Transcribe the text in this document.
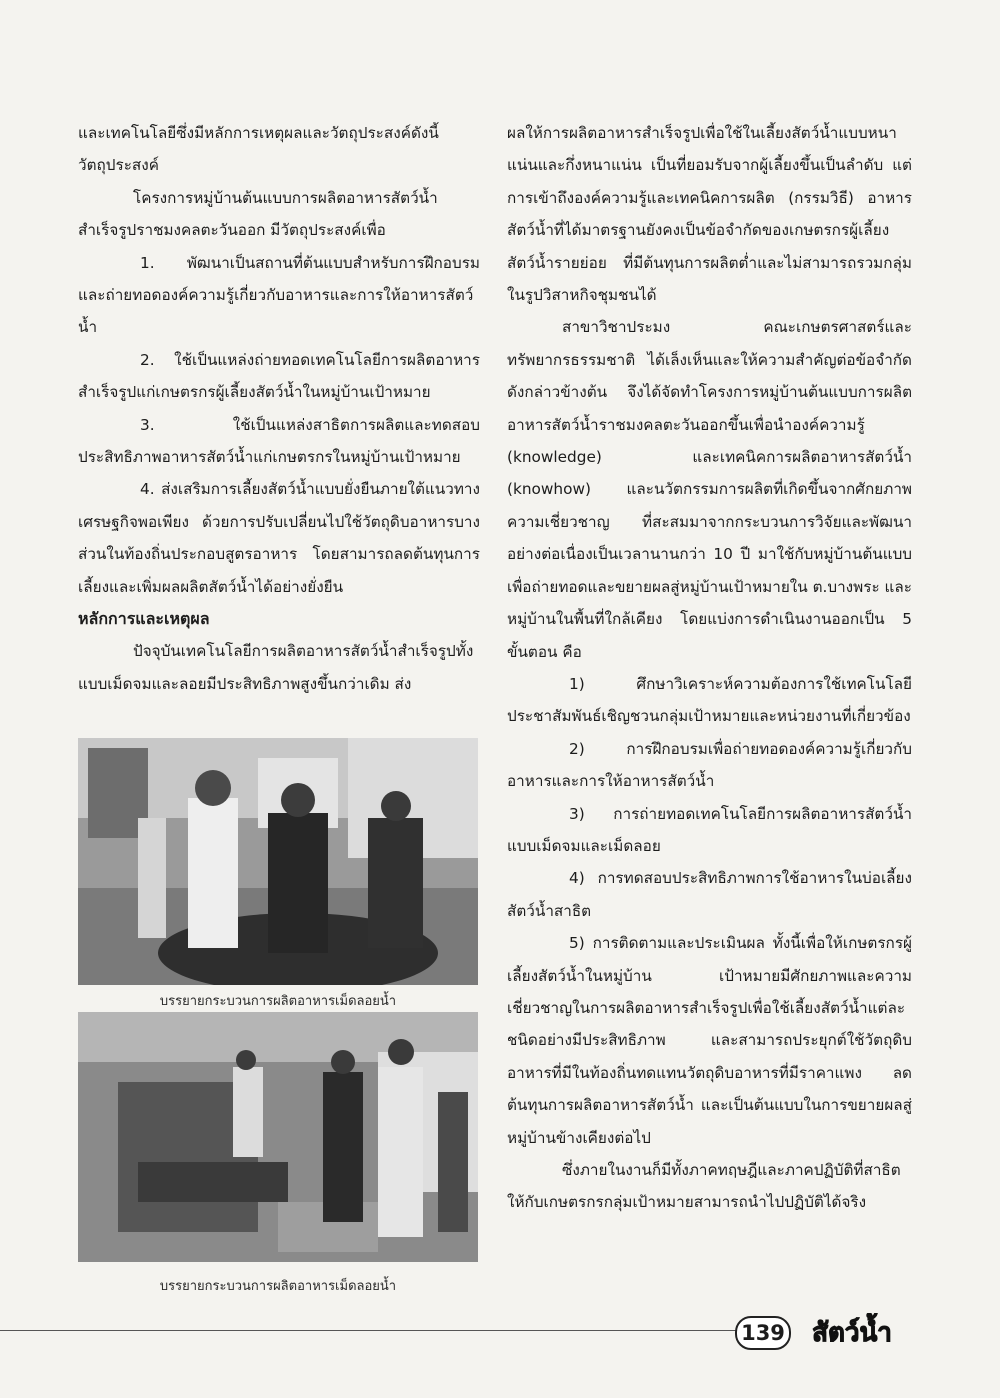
และเทคโนโลยีซึ่งมีหลักการเหตุผลและวัตถุประสงค์ดังนี้

วัตถุประสงค์

โครงการหมู่บ้านต้นแบบการผลิตอาหารสัตว์น้ำสำเร็จรูปราชมงคลตะวันออก มีวัตถุประสงค์เพื่อ

1. พัฒนาเป็นสถานที่ต้นแบบสำหรับการฝึกอบรมและถ่ายทอดองค์ความรู้เกี่ยวกับอาหารและการให้อาหารสัตว์น้ำ

2. ใช้เป็นแหล่งถ่ายทอดเทคโนโลยีการผลิตอาหารสำเร็จรูปแก่เกษตรกรผู้เลี้ยงสัตว์น้ำในหมู่บ้านเป้าหมาย

3. ใช้เป็นแหล่งสาธิตการผลิตและทดสอบประสิทธิภาพอาหารสัตว์น้ำแก่เกษตรกรในหมู่บ้านเป้าหมาย

4. ส่งเสริมการเลี้ยงสัตว์น้ำแบบยั่งยืนภายใต้แนวทางเศรษฐกิจพอเพียง ด้วยการปรับเปลี่ยนไปใช้วัตถุดิบอาหารบางส่วนในท้องถิ่นประกอบสูตรอาหาร โดยสามารถลดต้นทุนการเลี้ยงและเพิ่มผลผลิตสัตว์น้ำได้อย่างยั่งยืน

หลักการและเหตุผล

ปัจจุบันเทคโนโลยีการผลิตอาหารสัตว์น้ำสำเร็จรูปทั้งแบบเม็ดจมและลอยมีประสิทธิภาพสูงขึ้นกว่าเดิม ส่ง

บรรยายกระบวนการผลิตอาหารเม็ดลอยน้ำ
บรรยายกระบวนการผลิตอาหารเม็ดลอยน้ำ

ผลให้การผลิตอาหารสำเร็จรูปเพื่อใช้ในเลี้ยงสัตว์น้ำแบบหนาแน่นและกึ่งหนาแน่น เป็นที่ยอมรับจากผู้เลี้ยงขึ้นเป็นลำดับ แต่การเข้าถึงองค์ความรู้และเทคนิคการผลิต (กรรมวิธี) อาหารสัตว์น้ำที่ได้มาตรฐานยังคงเป็นข้อจำกัดของเกษตรกรผู้เลี้ยงสัตว์น้ำรายย่อย ที่มีต้นทุนการผลิตต่ำและไม่สามารถรวมกลุ่มในรูปวิสาหกิจชุมชนได้

สาขาวิชาประมง คณะเกษตรศาสตร์และทรัพยากรธรรมชาติ ได้เล็งเห็นและให้ความสำคัญต่อข้อจำกัดดังกล่าวข้างต้น จึงได้จัดทำโครงการหมู่บ้านต้นแบบการผลิตอาหารสัตว์น้ำราชมงคลตะวันออกขึ้นเพื่อนำองค์ความรู้ (knowledge) และเทคนิคการผลิตอาหารสัตว์น้ำ (knowhow) และนวัตกรรมการผลิตที่เกิดขึ้นจากศักยภาพความเชี่ยวชาญ ที่สะสมมาจากกระบวนการวิจัยและพัฒนาอย่างต่อเนื่องเป็นเวลานานกว่า 10 ปี มาใช้กับหมู่บ้านต้นแบบเพื่อถ่ายทอดและขยายผลสู่หมู่บ้านเป้าหมายใน ต.บางพระ และหมู่บ้านในพื้นที่ใกล้เคียง โดยแบ่งการดำเนินงานออกเป็น 5 ขั้นตอน คือ

1) ศึกษาวิเคราะห์ความต้องการใช้เทคโนโลยีประชาสัมพันธ์เชิญชวนกลุ่มเป้าหมายและหน่วยงานที่เกี่ยวข้อง

2) การฝึกอบรมเพื่อถ่ายทอดองค์ความรู้เกี่ยวกับอาหารและการให้อาหารสัตว์น้ำ

3) การถ่ายทอดเทคโนโลยีการผลิตอาหารสัตว์น้ำแบบเม็ดจมและเม็ดลอย

4) การทดสอบประสิทธิภาพการใช้อาหารในบ่อเลี้ยงสัตว์น้ำสาธิต

5) การติดตามและประเมินผล ทั้งนี้เพื่อให้เกษตรกรผู้เลี้ยงสัตว์น้ำในหมู่บ้าน เป้าหมายมีศักยภาพและความเชี่ยวชาญในการผลิตอาหารสำเร็จรูปเพื่อใช้เลี้ยงสัตว์น้ำแต่ละชนิดอย่างมีประสิทธิภาพ และสามารถประยุกต์ใช้วัตถุดิบอาหารที่มีในท้องถิ่นทดแทนวัตถุดิบอาหารที่มีราคาแพง ลดต้นทุนการผลิตอาหารสัตว์น้ำ และเป็นต้นแบบในการขยายผลสู่หมู่บ้านข้างเคียงต่อไป

ซึ่งภายในงานก็มีทั้งภาคทฤษฎีและภาคปฏิบัติที่สาธิตให้กับเกษตรกรกลุ่มเป้าหมายสามารถนำไปปฏิบัติได้จริง

139 สัตว์น้ำ
